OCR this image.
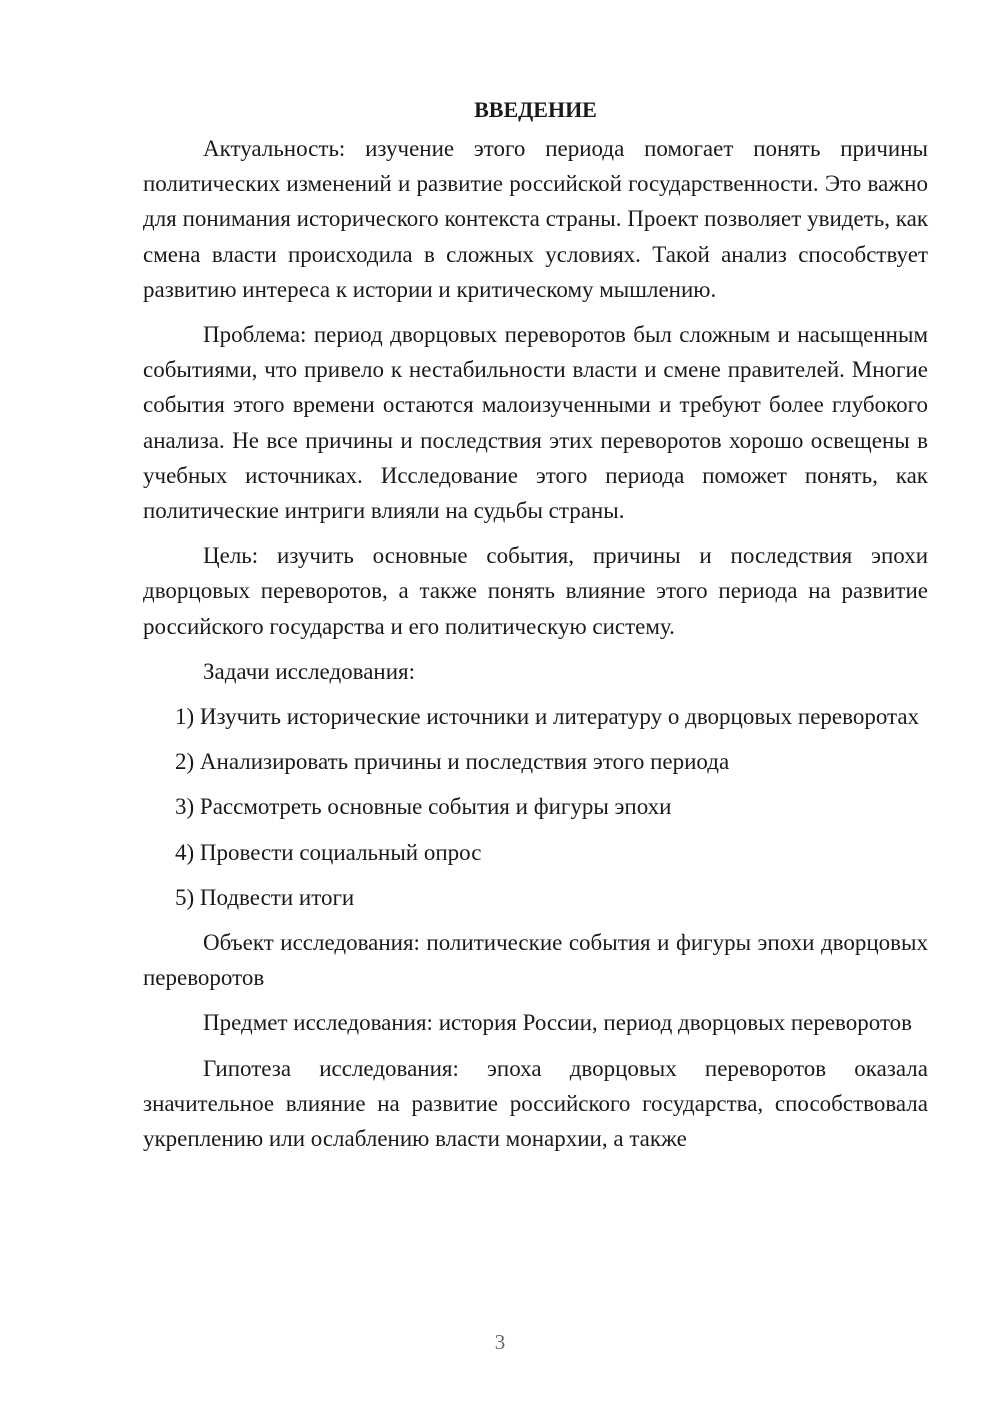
ВВЕДЕНИЕ

Актуальность: изучение этого периода помогает понять причины политических изменений и развитие российской государственности. Это важно для понимания исторического контекста страны. Проект позволяет увидеть, как смена власти происходила в сложных условиях. Такой анализ способствует развитию интереса к истории и критическому мышлению.

Проблема: период дворцовых переворотов был сложным и насыщенным событиями, что привело к нестабильности власти и смене правителей. Многие события этого времени остаются малоизученными и требуют более глубокого анализа. Не все причины и последствия этих переворотов хорошо освещены в учебных источниках. Исследование этого периода поможет понять, как политические интриги влияли на судьбы страны.

Цель: изучить основные события, причины и последствия эпохи дворцовых переворотов, а также понять влияние этого периода на развитие российского государства и его политическую систему.

Задачи исследования:

1) Изучить исторические источники и литературу о дворцовых переворотах

2) Анализировать причины и последствия этого периода

3) Рассмотреть основные события и фигуры эпохи

4) Провести социальный опрос

5) Подвести итоги

Объект исследования: политические события и фигуры эпохи дворцовых переворотов

Предмет исследования: история России, период дворцовых переворотов

Гипотеза исследования: эпоха дворцовых переворотов оказала значительное влияние на развитие российского государства, способствовала укреплению или ослаблению власти монархии, а также

3
